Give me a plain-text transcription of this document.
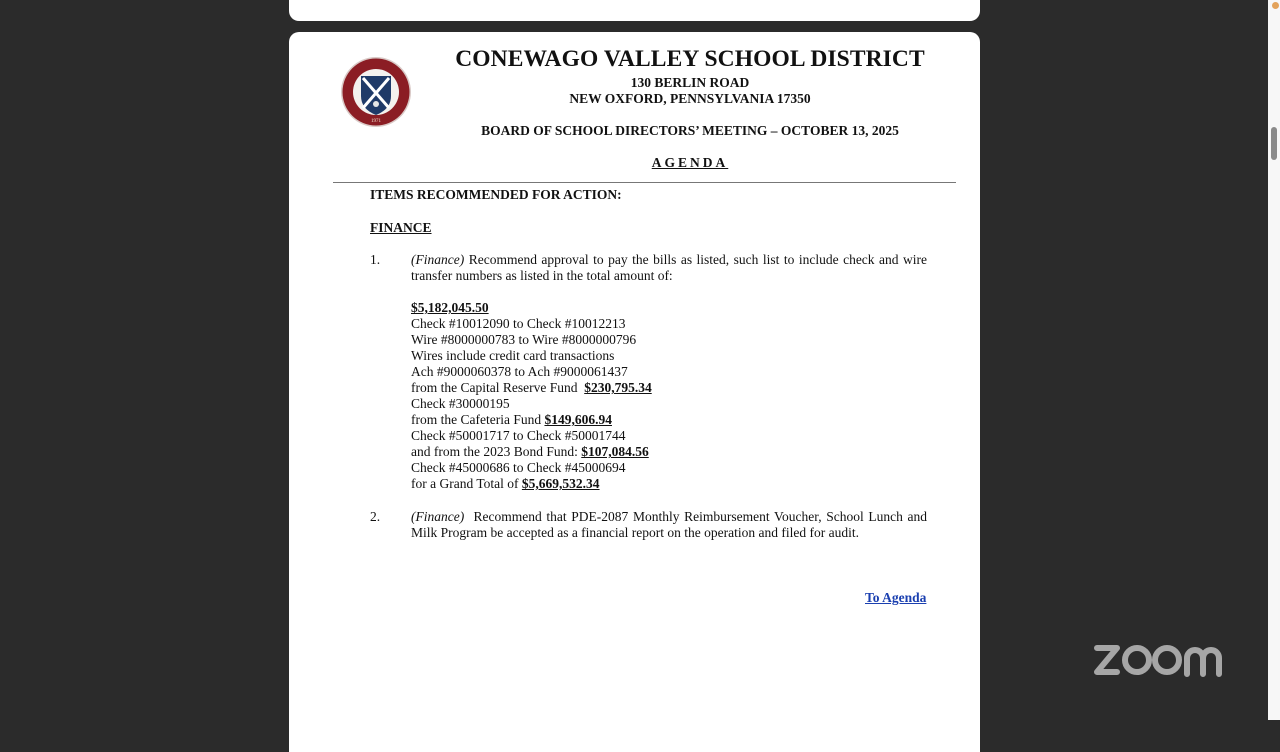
1971
CONEWAGO VALLEY SCHOOL DISTRICT
130 BERLIN ROAD
NEW OXFORD, PENNSYLVANIA 17350
BOARD OF SCHOOL DIRECTORS’ MEETING – OCTOBER 13, 2025
AGENDA
ITEMS RECOMMENDED FOR ACTION:
FINANCE
1. (Finance) Recommend approval to pay the bills as listed, such list to include check and wire transfer numbers as listed in the total amount of:
$5,182,045.50
Check #10012090 to Check #10012213
Wire #8000000783 to Wire #8000000796
Wires include credit card transactions
Ach #9000060378 to Ach #9000061437
from the Capital Reserve Fund  $230,795.34
Check #30000195
from the Cafeteria Fund $149,606.94
Check #50001717 to Check #50001744
and from the 2023 Bond Fund: $107,084.56
Check #45000686 to Check #45000694
for a Grand Total of $5,669,532.34
2. (Finance)  Recommend that PDE-2087 Monthly Reimbursement Voucher, School Lunch and Milk Program be accepted as a financial report on the operation and filed for audit.
To Agenda
